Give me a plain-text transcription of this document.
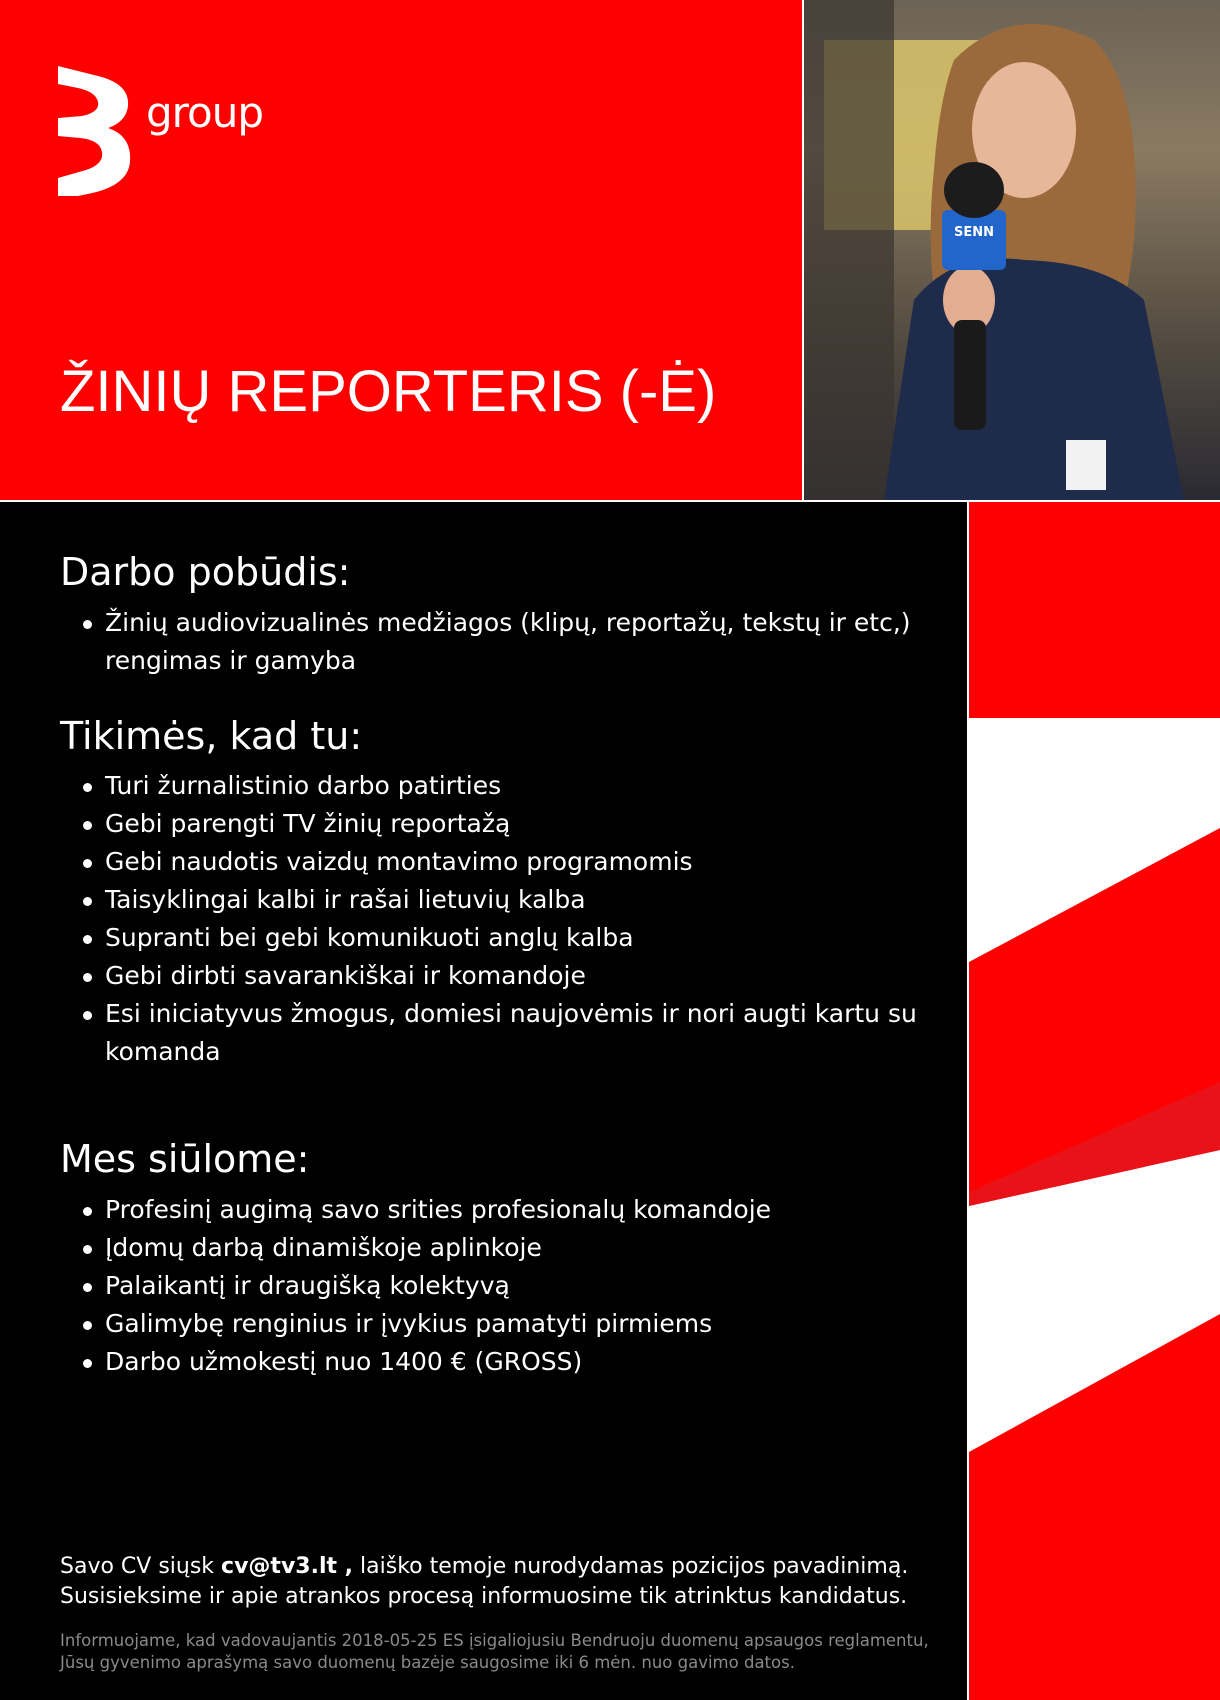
group
ŽINIŲ REPORTERIS (-Ė)
SENN
Darbo pobūdis:
Žinių audiovizualinės medžiagos (klipų, reportažų, tekstų ir etc,) rengimas ir gamyba
Tikimės, kad tu:
Turi žurnalistinio darbo patirties
Gebi parengti TV žinių reportažą
Gebi naudotis vaizdų montavimo programomis
Taisyklingai kalbi ir rašai lietuvių kalba
Supranti bei gebi komunikuoti anglų kalba
Gebi dirbti savarankiškai ir komandoje
Esi iniciatyvus žmogus, domiesi naujovėmis ir nori augti kartu su komanda
Mes siūlome:
Profesinį augimą savo srities profesionalų komandoje
Įdomų darbą dinamiškoje aplinkoje
Palaikantį ir draugišką kolektyvą
Galimybę renginius ir įvykius pamatyti pirmiems
Darbo užmokestį nuo 1400 € (GROSS)

Savo CV siųsk cv@tv3.lt , laiško temoje nurodydamas pozicijos pavadinimą.
Susisieksime ir apie atrankos procesą informuosime tik atrinktus kandidatus.

Informuojame, kad vadovaujantis 2018-05-25 ES įsigaliojusiu Bendruoju duomenų apsaugos reglamentu, Jūsų gyvenimo aprašymą savo duomenų bazėje saugosime iki 6 mėn. nuo gavimo datos.
